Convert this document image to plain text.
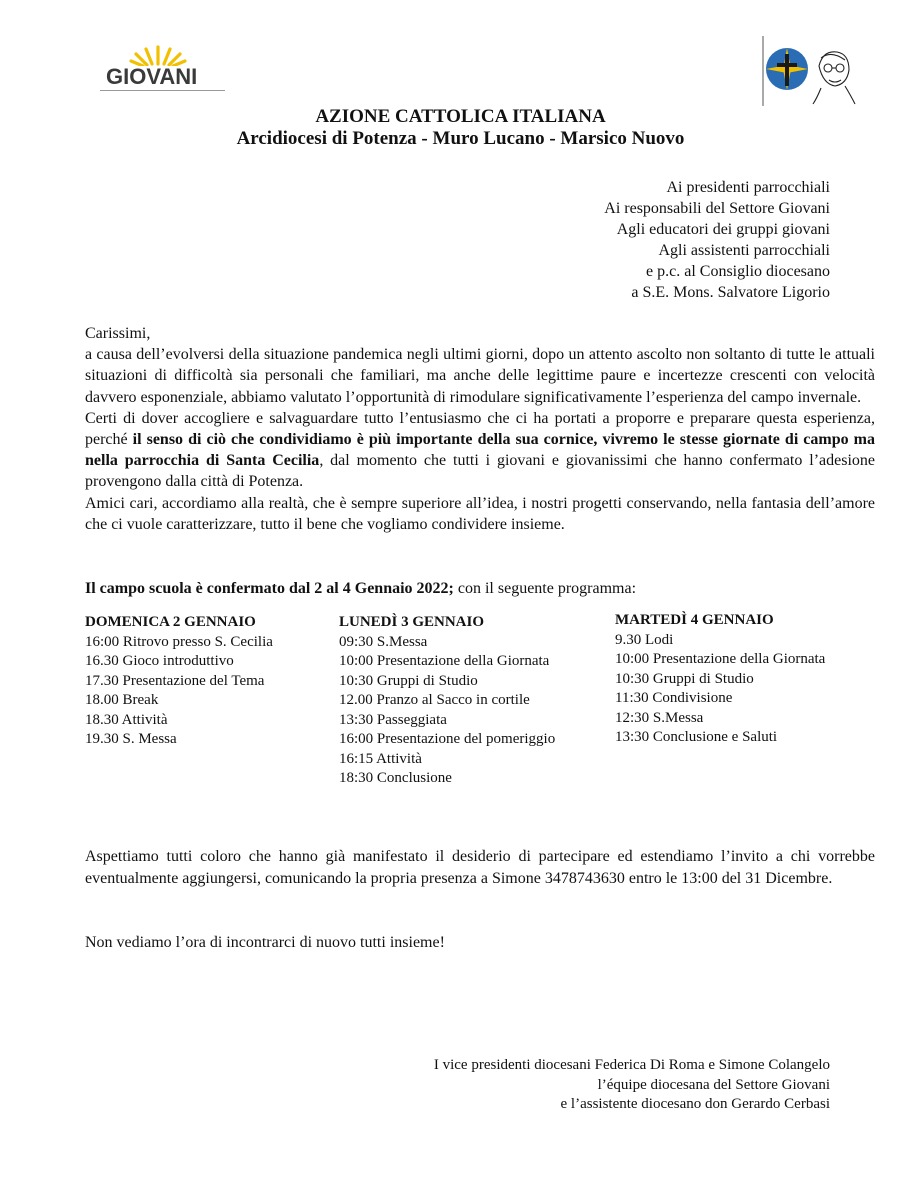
GIOVANI
AZIONE CATTOLICA ITALIANA
Arcidiocesi di Potenza - Muro Lucano - Marsico Nuovo
Ai presidenti parrocchiali
Ai responsabili del Settore Giovani
Agli educatori dei gruppi giovani
Agli assistenti parrocchiali
e p.c. al Consiglio diocesano
a S.E. Mons. Salvatore Ligorio

Carissimi,

a causa dell’evolversi della situazione pandemica negli ultimi giorni, dopo un attento ascolto non soltanto di tutte le attuali situazioni di difficoltà sia personali che familiari, ma anche delle legittime paure e incertezze crescenti con velocità davvero esponenziale, abbiamo valutato l’opportunità di rimodulare significativamente l’esperienza del campo invernale.

Certi di dover accogliere e salvaguardare tutto l’entusiasmo che ci ha portati a proporre e preparare questa esperienza, perché il senso di ciò che condividiamo è più importante della sua cornice, vivremo le stesse giornate di campo ma nella parrocchia di Santa Cecilia, dal momento che tutti i giovani e giovanissimi che hanno confermato l’adesione provengono dalla città di Potenza.

Amici cari, accordiamo alla realtà, che è sempre superiore all’idea, i nostri progetti conservando, nella fantasia dell’amore che ci vuole caratterizzare, tutto il bene che vogliamo condividere insieme.

Il campo scuola è confermato dal 2 al 4 Gennaio 2022; con il seguente programma:
DOMENICA 2 GENNAIO
16:00 Ritrovo presso S. Cecilia
16.30 Gioco introduttivo
17.30 Presentazione del Tema
18.00 Break
18.30 Attività
19.30 S. Messa
LUNEDÌ 3 GENNAIO
09:30 S.Messa
10:00 Presentazione della Giornata
10:30 Gruppi di Studio
12.00 Pranzo al Sacco in cortile
13:30 Passeggiata
16:00 Presentazione del pomeriggio
16:15 Attività
18:30 Conclusione
MARTEDÌ 4 GENNAIO
9.30 Lodi
10:00 Presentazione della Giornata
10:30 Gruppi di Studio
11:30 Condivisione
12:30 S.Messa
13:30 Conclusione e Saluti
Aspettiamo tutti coloro che hanno già manifestato il desiderio di partecipare ed estendiamo l’invito a chi vorrebbe eventualmente aggiungersi, comunicando la propria presenza a Simone 3478743630 entro le 13:00 del 31 Dicembre.
Non vediamo l’ora di incontrarci di nuovo tutti insieme!
I vice presidenti diocesani Federica Di Roma e Simone Colangelo
l’équipe diocesana del Settore Giovani
e l’assistente diocesano don Gerardo Cerbasi
